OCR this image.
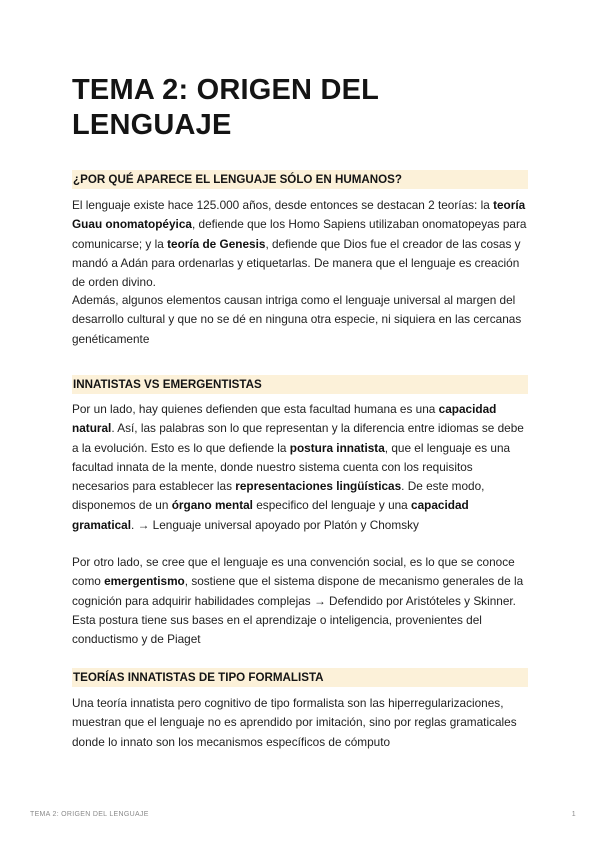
TEMA 2: ORIGEN DEL LENGUAJE
¿POR QUÉ APARECE EL LENGUAJE SÓLO EN HUMANOS?
El lenguaje existe hace 125.000 años, desde entonces se destacan 2 teorías: la teoría Guau onomatopéyica, defiende que los Homo Sapiens utilizaban onomatopeyas para comunicarse; y la teoría de Genesis, defiende que Dios fue el creador de las cosas y mandó a Adán para ordenarlas y etiquetarlas. De manera que el lenguaje es creación de orden divino.
Además, algunos elementos causan intriga como el lenguaje universal al margen del desarrollo cultural y que no se dé en ninguna otra especie, ni siquiera en las cercanas genéticamente
INNATISTAS VS EMERGENTISTAS
Por un lado, hay quienes defienden que esta facultad humana es una capacidad natural. Así, las palabras son lo que representan y la diferencia entre idiomas se debe a la evolución. Esto es lo que defiende la postura innatista, que el lenguaje es una facultad innata de la mente, donde nuestro sistema cuenta con los requisitos necesarios para establecer las representaciones lingüísticas. De este modo, disponemos de un órgano mental especifico del lenguaje y una capacidad gramatical. → Lenguaje universal apoyado por Platón y Chomsky
Por otro lado, se cree que el lenguaje es una convención social, es lo que se conoce como emergentismo, sostiene que el sistema dispone de mecanismo generales de la cognición para adquirir habilidades complejas → Defendido por Aristóteles y Skinner. Esta postura tiene sus bases en el aprendizaje o inteligencia, provenientes del conductismo y de Piaget
TEORÍAS INNATISTAS DE TIPO FORMALISTA
Una teoría innatista pero cognitivo de tipo formalista son las hiperregularizaciones, muestran que el lenguaje no es aprendido por imitación, sino por reglas gramaticales donde lo innato son los mecanismos específicos de cómputo
TEMA 2: ORIGEN DEL LENGUAJE	1
